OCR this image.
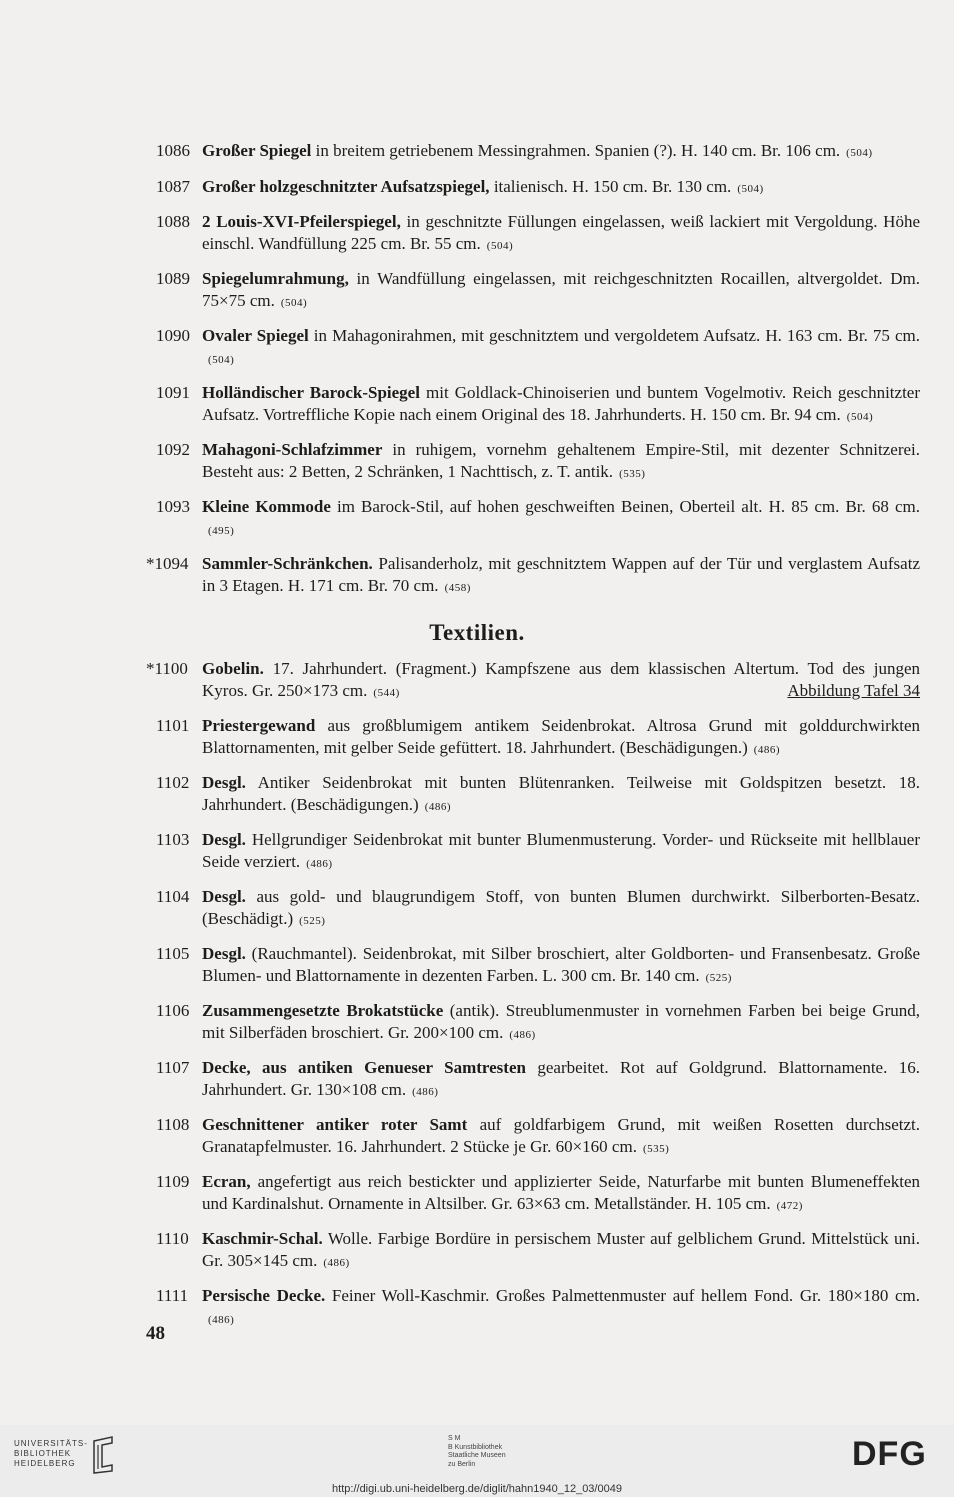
1086 Großer Spiegel in breitem getriebenem Messingrahmen. Spanien (?). H. 140 cm. Br. 106 cm. (504)
1087 Großer holzgeschnitzter Aufsatzspiegel, italienisch. H. 150 cm. Br. 130 cm. (504)
1088 2 Louis-XVI-Pfeilerspiegel, in geschnitzte Füllungen eingelassen, weiß lackiert mit Vergoldung. Höhe einschl. Wandfüllung 225 cm. Br. 55 cm. (504)
1089 Spiegelumrahmung, in Wandfüllung eingelassen, mit reichgeschnitzten Rocaillen, altvergoldet. Dm. 75×75 cm. (504)
1090 Ovaler Spiegel in Mahagonirahmen, mit geschnitztem und vergoldetem Aufsatz. H. 163 cm. Br. 75 cm.(504)
1091 Holländischer Barock-Spiegel mit Goldlack-Chinoiserien und buntem Vogelmotiv. Reich geschnitzter Aufsatz. Vortreffliche Kopie nach einem Original des 18. Jahrhunderts. H. 150 cm. Br. 94 cm. (504)
1092 Mahagoni-Schlafzimmer in ruhigem, vornehm gehaltenem Empire-Stil, mit dezenter Schnitzerei. Besteht aus: 2 Betten, 2 Schränken, 1 Nachttisch, z. T. antik. (535)
1093 Kleine Kommode im Barock-Stil, auf hohen geschweiften Beinen, Oberteil alt. H. 85 cm. Br. 68 cm.(495)
*1094 Sammler-Schränkchen. Palisanderholz, mit geschnitztem Wappen auf der Tür und verglastem Aufsatz in 3 Etagen. H. 171 cm. Br. 70 cm. (458)
Textilien.
*1100 Gobelin. 17. Jahrhundert. (Fragment.) Kampfszene aus dem klassischen Altertum. Tod des jungen Kyros. Gr. 250×173 cm. (544)	Abbildung Tafel 34
1101 Priestergewand aus großblumigem antikem Seidenbrokat. Altrosa Grund mit golddurchwirkten Blattornamenten, mit gelber Seide gefüttert. 18. Jahrhundert. (Beschädigungen.) (486)
1102 Desgl. Antiker Seidenbrokat mit bunten Blütenranken. Teilweise mit Goldspitzen besetzt. 18. Jahrhundert. (Beschädigungen.) (486)
1103 Desgl. Hellgrundiger Seidenbrokat mit bunter Blumenmusterung. Vorder- und Rückseite mit hellblauer Seide verziert. (486)
1104 Desgl. aus gold- und blaugrundigem Stoff, von bunten Blumen durchwirkt. Silberborten-Besatz. (Beschädigt.) (525)
1105 Desgl. (Rauchmantel). Seidenbrokat, mit Silber broschiert, alter Goldborten- und Fransenbesatz. Große Blumen- und Blattornamente in dezenten Farben. L. 300 cm. Br. 140 cm. (525)
1106 Zusammengesetzte Brokatstücke (antik). Streublumenmuster in vornehmen Farben bei beige Grund, mit Silberfäden broschiert. Gr. 200×100 cm. (486)
1107 Decke, aus antiken Genueser Samtresten gearbeitet. Rot auf Goldgrund. Blattornamente. 16. Jahrhundert. Gr. 130×108 cm. (486)
1108 Geschnittener antiker roter Samt auf goldfarbigem Grund, mit weißen Rosetten durchsetzt. Granatapfelmuster. 16. Jahrhundert. 2 Stücke je Gr. 60×160 cm. (535)
1109 Ecran, angefertigt aus reich bestickter und applizierter Seide, Naturfarbe mit bunten Blumeneffekten und Kardinalshut. Ornamente in Altsilber. Gr. 63×63 cm. Metallständer. H. 105 cm. (472)
1110 Kaschmir-Schal. Wolle. Farbige Bordüre in persischem Muster auf gelblichem Grund. Mittelstück uni. Gr. 305×145 cm. (486)
1111 Persische Decke. Feiner Woll-Kaschmir. Großes Palmettenmuster auf hellem Fond. Gr. 180×180 cm.(486)
48
UNIVERSITÄTS-
BIBLIOTHEK
HEIDELBERG
S M
B Kunstbibliothek
Staatliche Museen
zu Berlin	DFG
http://digi.ub.uni-heidelberg.de/diglit/hahn1940_12_03/0049
